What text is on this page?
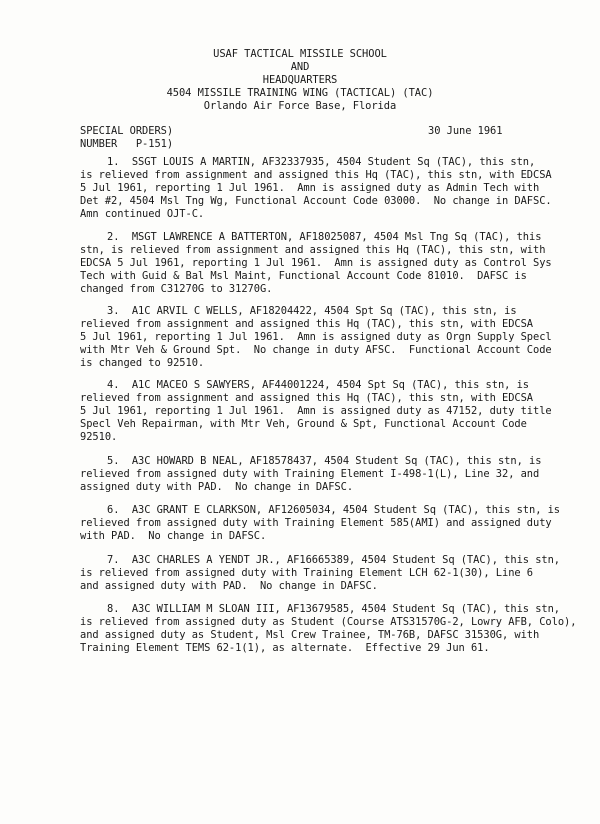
USAF TACTICAL MISSILE SCHOOL
AND
HEADQUARTERS
4504 MISSILE TRAINING WING (TACTICAL) (TAC)
Orlando Air Force Base, Florida
SPECIAL ORDERS)
NUMBER   P-151)
30 June 1961
1.  SSGT LOUIS A MARTIN, AF32337935, 4504 Student Sq (TAC), this stn,
is relieved from assignment and assigned this Hq (TAC), this stn, with EDCSA
5 Jul 1961, reporting 1 Jul 1961.  Amn is assigned duty as Admin Tech with
Det #2, 4504 Msl Tng Wg, Functional Account Code 03000.  No change in DAFSC.
Amn continued OJT-C.
2.  MSGT LAWRENCE A BATTERTON, AF18025087, 4504 Msl Tng Sq (TAC), this
stn, is relieved from assignment and assigned this Hq (TAC), this stn, with
EDCSA 5 Jul 1961, reporting 1 Jul 1961.  Amn is assigned duty as Control Sys
Tech with Guid & Bal Msl Maint, Functional Account Code 81010.  DAFSC is
changed from C31270G to 31270G.
3.  A1C ARVIL C WELLS, AF18204422, 4504 Spt Sq (TAC), this stn, is
relieved from assignment and assigned this Hq (TAC), this stn, with EDCSA
5 Jul 1961, reporting 1 Jul 1961.  Amn is assigned duty as Orgn Supply Specl
with Mtr Veh & Ground Spt.  No change in duty AFSC.  Functional Account Code
is changed to 92510.
4.  A1C MACEO S SAWYERS, AF44001224, 4504 Spt Sq (TAC), this stn, is
relieved from assignment and assigned this Hq (TAC), this stn, with EDCSA
5 Jul 1961, reporting 1 Jul 1961.  Amn is assigned duty as 47152, duty title
Specl Veh Repairman, with Mtr Veh, Ground & Spt, Functional Account Code
92510.
5.  A3C HOWARD B NEAL, AF18578437, 4504 Student Sq (TAC), this stn, is
relieved from assigned duty with Training Element I-498-1(L), Line 32, and
assigned duty with PAD.  No change in DAFSC.
6.  A3C GRANT E CLARKSON, AF12605034, 4504 Student Sq (TAC), this stn, is
relieved from assigned duty with Training Element 585(AMI) and assigned duty
with PAD.  No change in DAFSC.
7.  A3C CHARLES A YENDT JR., AF16665389, 4504 Student Sq (TAC), this stn,
is relieved from assigned duty with Training Element LCH 62-1(30), Line 6
and assigned duty with PAD.  No change in DAFSC.
8.  A3C WILLIAM M SLOAN III, AF13679585, 4504 Student Sq (TAC), this stn,
is relieved from assigned duty as Student (Course ATS31570G-2, Lowry AFB, Colo),
and assigned duty as Student, Msl Crew Trainee, TM-76B, DAFSC 31530G, with
Training Element TEMS 62-1(1), as alternate.  Effective 29 Jun 61.
